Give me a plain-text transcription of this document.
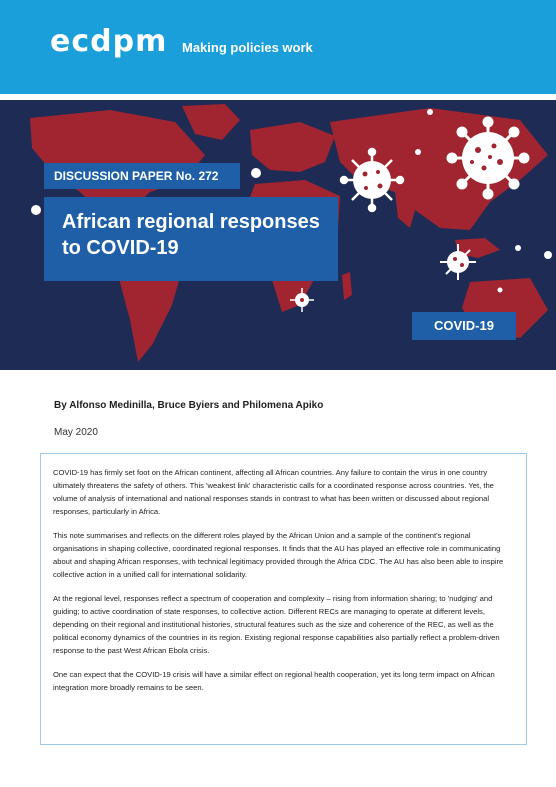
ecdpm Making policies work
DISCUSSION PAPER No. 272
African regional responses
to COVID-19
COVID-19
By Alfonso Medinilla, Bruce Byiers and Philomena Apiko
May 2020

COVID-19 has firmly set foot on the African continent, affecting all African countries. Any failure to contain the virus in one country ultimately threatens the safety of others. This 'weakest link' characteristic calls for a coordinated response across countries. Yet, the volume of analysis of international and national responses stands in contrast to what has been written or discussed about regional responses, particularly in Africa.

This note summarises and reflects on the different roles played by the African Union and a sample of the continent's regional organisations in shaping collective, coordinated regional responses. It finds that the AU has played an effective role in communicating about and shaping African responses, with technical legitimacy provided through the Africa CDC. The AU has also been able to inspire collective action in a unified call for international solidarity.

At the regional level, responses reflect a spectrum of cooperation and complexity – rising from information sharing; to 'nudging' and guiding; to active coordination of state responses, to collective action. Different RECs are managing to operate at different levels, depending on their regional and institutional histories, structural features such as the size and coherence of the REC, as well as the political economy dynamics of the countries in its region. Existing regional response capabilities also partially reflect a problem-driven response to the past West African Ebola crisis.

One can expect that the COVID-19 crisis will have a similar effect on regional health cooperation, yet its long term impact on African integration more broadly remains to be seen.
